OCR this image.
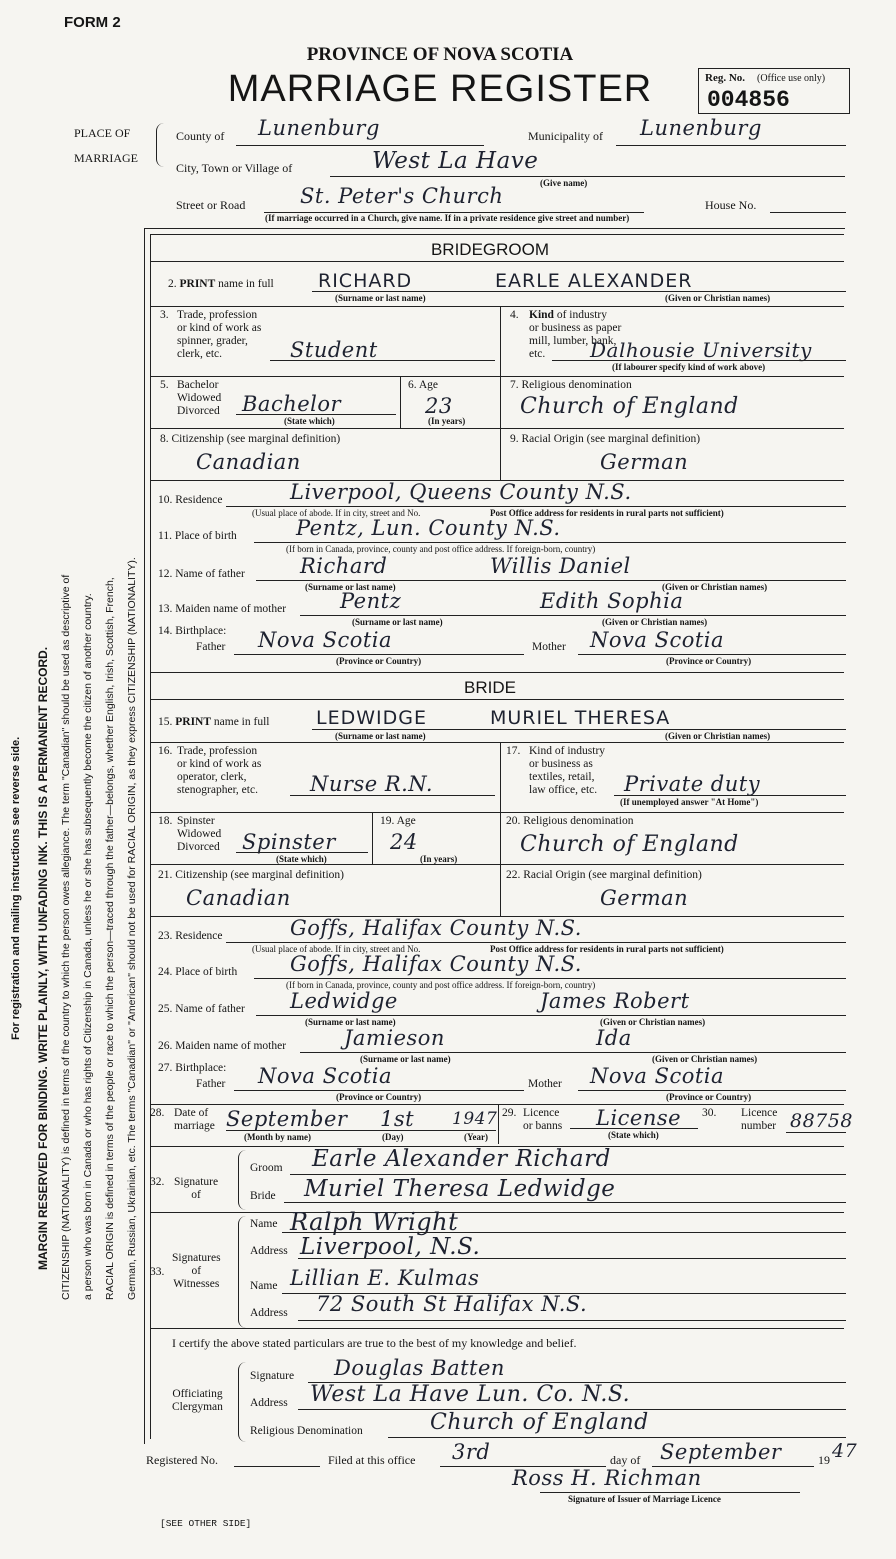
For registration and mailing instructions see reverse side. MARGIN RESERVED FOR BINDING. WRITE PLAINLY, WITH UNFADING INK. THIS IS A PERMANENT RECORD. CITIZENSHIP (NATIONALITY) is defined in terms of the country to which the person owes allegiance. The term "Canadian" should be used as descriptive of a person who was born in Canada or who has rights of Citizenship in Canada, unless he or she has subsequently become the citizen of another country. RACIAL ORIGIN is defined in terms of the people or race to which the person—traced through the father—belongs, whether English, Irish, Scottish, French, German, Russian, Ukrainian, etc. The terms "Canadian" or "American" should not be used for RACIAL ORIGIN, as they express CITIZENSHIP (NATIONALITY).
FORM 2
PROVINCE OF NOVA SCOTIA
MARRIAGE REGISTER	Reg. No. (Office use only)
004856
PLACE OF
MARRIAGE
County of Lunenburg	Municipality of Lunenburg
City, Town or Village of	West La Have
(Give name)
Street or Road	St. Peter's Church	House No.
(If marriage occurred in a Church, give name. If in a private residence give street and number)
BRIDEGROOM
2. PRINT name in full RICHARD	EARLE ALEXANDER
(Surname or last name)	(Given or Christian names)
3. Trade, profession
or kind of work as
spinner, grader,
clerk, etc.	Student
4. Kind of industry
or business as paper
mill, lumber, bank,
etc.	Dalhousie University
(If labourer specify kind of work above)
5. Bachelor
Widowed
Divorced Bachelor
(State which)
6. Age
23
(In years)
7. Religious denomination
Church of England
8. Citizenship (see marginal definition)
Canadian
9. Racial Origin (see marginal definition)
German
10. Residence	Liverpool, Queens County N.S.
(Usual place of abode. If in city, street and No.	Post Office address for residents in rural parts not sufficient)
11. Place of birth	Pentz, Lun. County N.S.
(If born in Canada, province, county and post office address. If foreign-born, country)
12. Name of father	Richard	Willis Daniel
(Surname or last name)	(Given or Christian names)
13. Maiden name of mother	Pentz	Edith Sophia
(Surname or last name)	(Given or Christian names)
14. Birthplace:
Father Nova Scotia	Mother Nova Scotia
(Province or Country)	(Province or Country)
BRIDE
15. PRINT name in full LEDWIDGE	MURIEL THERESA
(Surname or last name)	(Given or Christian names)
16. Trade, profession
or kind of work as
operator, clerk,
stenographer, etc. Nurse R.N.
17. Kind of industry
or business as
textiles, retail,
law office, etc.	Private duty
(If unemployed answer "At Home")
18. Spinster
Widowed
Divorced Spinster
(State which)
19. Age
24
(In years)
20. Religious denomination
Church of England
21. Citizenship (see marginal definition)
Canadian
22. Racial Origin (see marginal definition)
German
23. Residence	Goffs, Halifax County N.S.
(Usual place of abode. If in city, street and No.	Post Office address for residents in rural parts not sufficient)
24. Place of birth	Goffs, Halifax County N.S.
(If born in Canada, province, county and post office address. If foreign-born, country)
25. Name of father Ledwidge	James Robert
(Surname or last name)	(Given or Christian names)
26. Maiden name of mother	Jamieson	Ida
(Surname or last name)	(Given or Christian names)
27. Birthplace:
Father Nova Scotia	Mother Nova Scotia
(Province or Country)	(Province or Country)
28. Date of
marriage September 1st 1947
(Month by name)	(Day)	(Year)
29. Licence
or banns License
(State which)
30. Licence
number 88758
32. Signature
of
Groom Earle Alexander Richard
Bride Muriel Theresa Ledwidge
33.
Signatures
of
Witnesses
Name Ralph Wright
Address Liverpool, N.S.
Name Lillian E. Kulmas
Address 72 South St Halifax N.S.
I certify the above stated particulars are true to the best of my knowledge and belief.
Officiating
Clergyman
Signature Douglas Batten
Address West La Have Lun. Co. N.S.
Religious Denomination	Church of England
Registered No.	Filed at this office 3rd	day of September	19 47
Ross H. Richman
Signature of Issuer of Marriage Licence
[SEE OTHER SIDE]
